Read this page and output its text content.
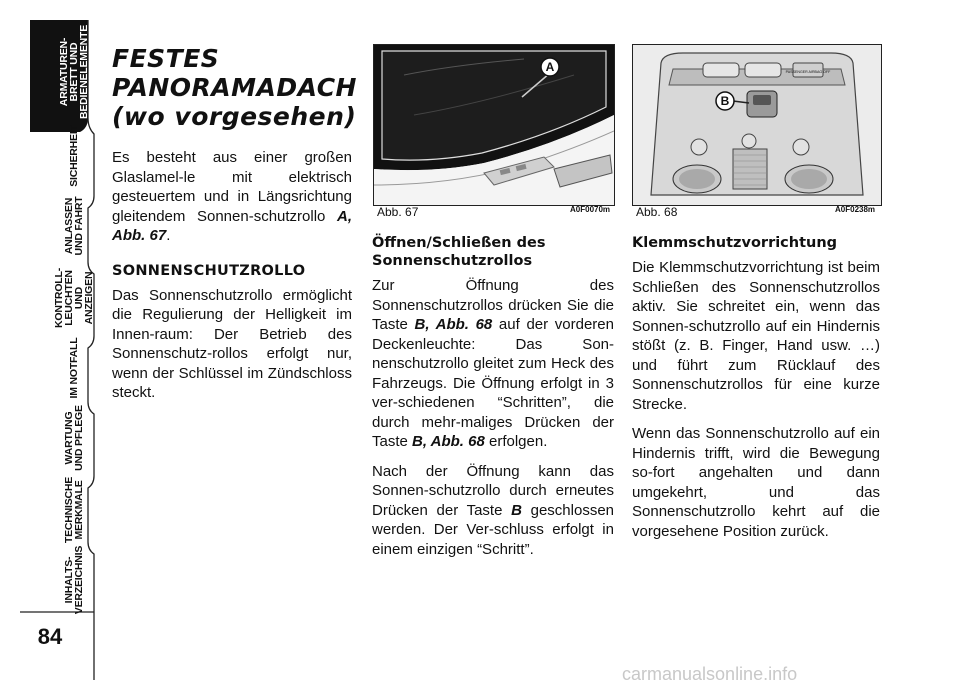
ARMATUREN-
BRETT UND
BEDIENELEMENTE
SICHERHEIT
ANLASSEN
UND FAHRT
KONTROLL-
LEUCHTEN
UND ANZEIGEN
IM NOTFALL
WARTUNG
UND PFLEGE
TECHNISCHE
MERKMALE
INHALTS-
VERZEICHNIS
84
FESTES
PANORAMADACH
(wo vorgesehen)

Es besteht aus einer großen Glaslamel-le mit elektrisch gesteuertem und in Längsrichtung gleitendem Sonnen-schutzrollo A, Abb. 67.

SONNENSCHUTZROLLO

Das Sonnenschutzrollo ermöglicht die Regulierung der Helligkeit im Innen-raum: Der Betrieb des Sonnenschutz-rollos erfolgt nur, wenn der Schlüssel im Zündschloss steckt.

A
A0F0070m
Abb. 67
PASSENGER AIRBAG OFF
B
A0F0238m
Abb. 68
Öffnen/Schließen des Sonnenschutzrollos

Zur Öffnung des Sonnenschutzrollos drücken Sie die Taste B, Abb. 68 auf der vorderen Deckenleuchte: Das Son-nenschutzrollo gleitet zum Heck des Fahrzeugs. Die Öffnung erfolgt in 3 ver-schiedenen “Schritten”, die durch mehr-maliges Drücken der Taste B, Abb. 68 erfolgen.

Nach der Öffnung kann das Sonnen-schutzrollo durch erneutes Drücken der Taste B geschlossen werden. Der Ver-schluss erfolgt in einem einzigen “Schritt”.

Klemmschutzvorrichtung

Die Klemmschutzvorrichtung ist beim Schließen des Sonnenschutzrollos aktiv. Sie schreitet ein, wenn das Sonnen-schutzrollo auf ein Hindernis stößt (z. B. Finger, Hand usw. …) und führt zum Rücklauf des Sonnenschutzrollos für eine kurze Strecke.

Wenn das Sonnenschutzrollo auf ein Hindernis trifft, wird die Bewegung so-fort angehalten und dann umgekehrt, und das Sonnenschutzrollo kehrt auf die vorgesehene Position zurück.

carmanualsonline.info
